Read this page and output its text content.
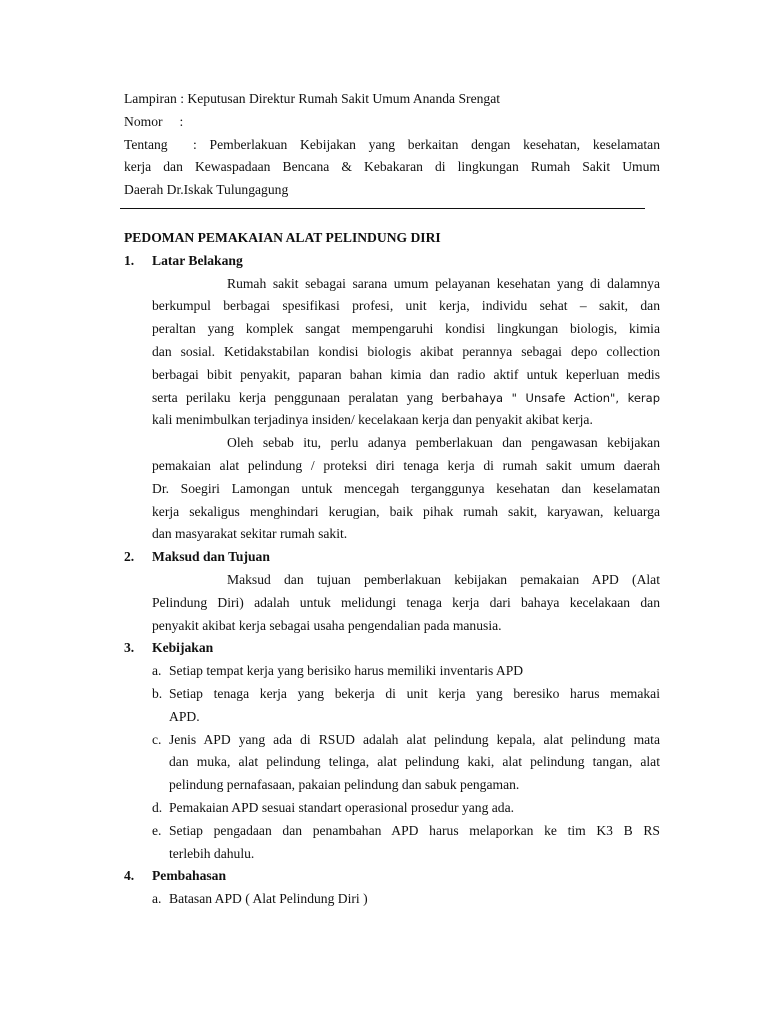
Lampiran : Keputusan Direktur Rumah Sakit Umum Ananda Srengat

Nomor     :

Tentang  : Pemberlakuan Kebijakan yang berkaitan dengan kesehatan, keselamatan

kerja dan Kewaspadaan Bencana & Kebakaran di lingkungan Rumah Sakit Umum

Daerah Dr.Iskak Tulungagung

PEDOMAN PEMAKAIAN ALAT PELINDUNG DIRI

1.	Latar Belakang

Rumah sakit sebagai sarana umum pelayanan kesehatan yang di dalamnya

berkumpul berbagai spesifikasi profesi, unit kerja, individu sehat – sakit, dan

peraltan yang komplek sangat mempengaruhi kondisi lingkungan biologis, kimia

dan sosial. Ketidakstabilan kondisi biologis akibat perannya sebagai depo collection

berbagai bibit penyakit, paparan bahan kimia dan radio aktif untuk keperluan medis

serta perilaku kerja penggunaan peralatan yang berbahaya " Unsafe Action", kerap

kali menimbulkan terjadinya insiden/ kecelakaan kerja dan penyakit akibat kerja.

Oleh sebab itu, perlu adanya pemberlakuan dan pengawasan kebijakan

pemakaian alat pelindung / proteksi diri tenaga kerja di rumah sakit umum daerah

Dr. Soegiri Lamongan untuk mencegah terganggunya kesehatan dan keselamatan

kerja sekaligus menghindari kerugian, baik pihak rumah sakit, karyawan, keluarga

dan masyarakat sekitar rumah sakit.

2.	Maksud dan Tujuan

Maksud dan tujuan pemberlakuan kebijakan pemakaian APD (Alat

Pelindung Diri) adalah untuk melidungi tenaga kerja dari bahaya kecelakaan dan

penyakit akibat kerja sebagai usaha pengendalian pada manusia.

3.	Kebijakan
a. Setiap tempat kerja yang berisiko harus memiliki inventaris APD

b. Setiap tenaga kerja yang bekerja di unit kerja yang beresiko harus memakai

APD.

c. Jenis APD yang ada di RSUD adalah alat pelindung kepala, alat pelindung mata

dan muka, alat pelindung telinga, alat pelindung kaki, alat pelindung tangan, alat

pelindung pernafasaan, pakaian pelindung dan sabuk pengaman.

d. Pemakaian APD sesuai standart operasional prosedur yang ada.

e. Setiap pengadaan dan penambahan APD harus melaporkan ke tim K3 B RS

terlebih dahulu.

4.	Pembahasan
a. Batasan APD ( Alat Pelindung Diri )
